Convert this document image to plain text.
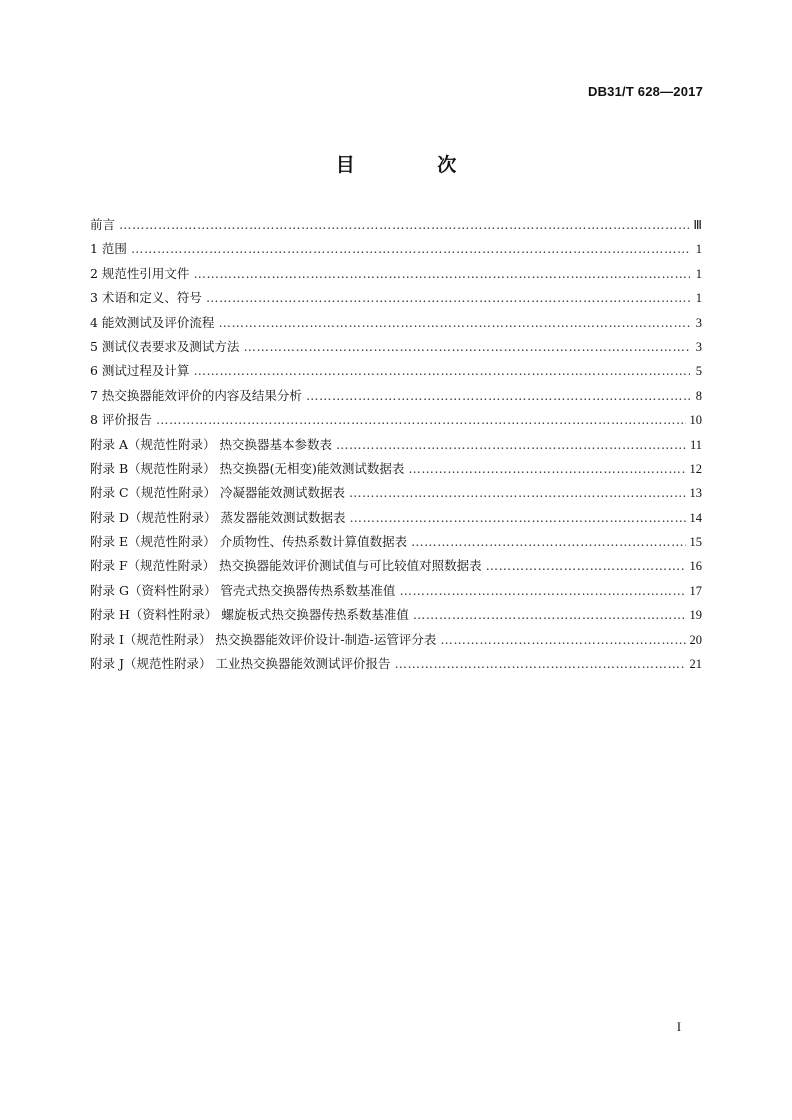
DB31/T 628—2017
目 次
前言 ……………………………………………………………………………………………………………………………………………………………………………………	Ⅲ
1 范围 ……………………………………………………………………………………………………………………………………………………………………………………	1
2 规范性引用文件 ……………………………………………………………………………………………………………………………………………………………………………………	1
3 术语和定义、符号 ……………………………………………………………………………………………………………………………………………………………………………………	1
4 能效测试及评价流程 ……………………………………………………………………………………………………………………………………………………………………………………	3
5 测试仪表要求及测试方法 ……………………………………………………………………………………………………………………………………………………………………………………	3
6 测试过程及计算 ……………………………………………………………………………………………………………………………………………………………………………………	5
7 热交换器能效评价的内容及结果分析 ……………………………………………………………………………………………………………………………………………………………………………………	8
8 评价报告 ……………………………………………………………………………………………………………………………………………………………………………………	10
附录 A（规范性附录） 热交换器基本参数表 ……………………………………………………………………………………………………………………………………………………………………………………	11
附录 B（规范性附录） 热交换器(无相变)能效测试数据表 ……………………………………………………………………………………………………………………………………………………………………………………	12
附录 C（规范性附录） 冷凝器能效测试数据表 ……………………………………………………………………………………………………………………………………………………………………………………	13
附录 D（规范性附录） 蒸发器能效测试数据表 ……………………………………………………………………………………………………………………………………………………………………………………	14
附录 E（规范性附录） 介质物性、传热系数计算值数据表 ……………………………………………………………………………………………………………………………………………………………………………………	15
附录 F（规范性附录） 热交换器能效评价测试值与可比较值对照数据表 ……………………………………………………………………………………………………………………………………………………………………………………	16
附录 G（资料性附录） 管壳式热交换器传热系数基准值 ……………………………………………………………………………………………………………………………………………………………………………………	17
附录 H（资料性附录） 螺旋板式热交换器传热系数基准值 ……………………………………………………………………………………………………………………………………………………………………………………	19
附录 I（规范性附录） 热交换器能效评价设计-制造-运管评分表 ……………………………………………………………………………………………………………………………………………………………………………………	20
附录 J（规范性附录） 工业热交换器能效测试评价报告 ……………………………………………………………………………………………………………………………………………………………………………………	21
I
